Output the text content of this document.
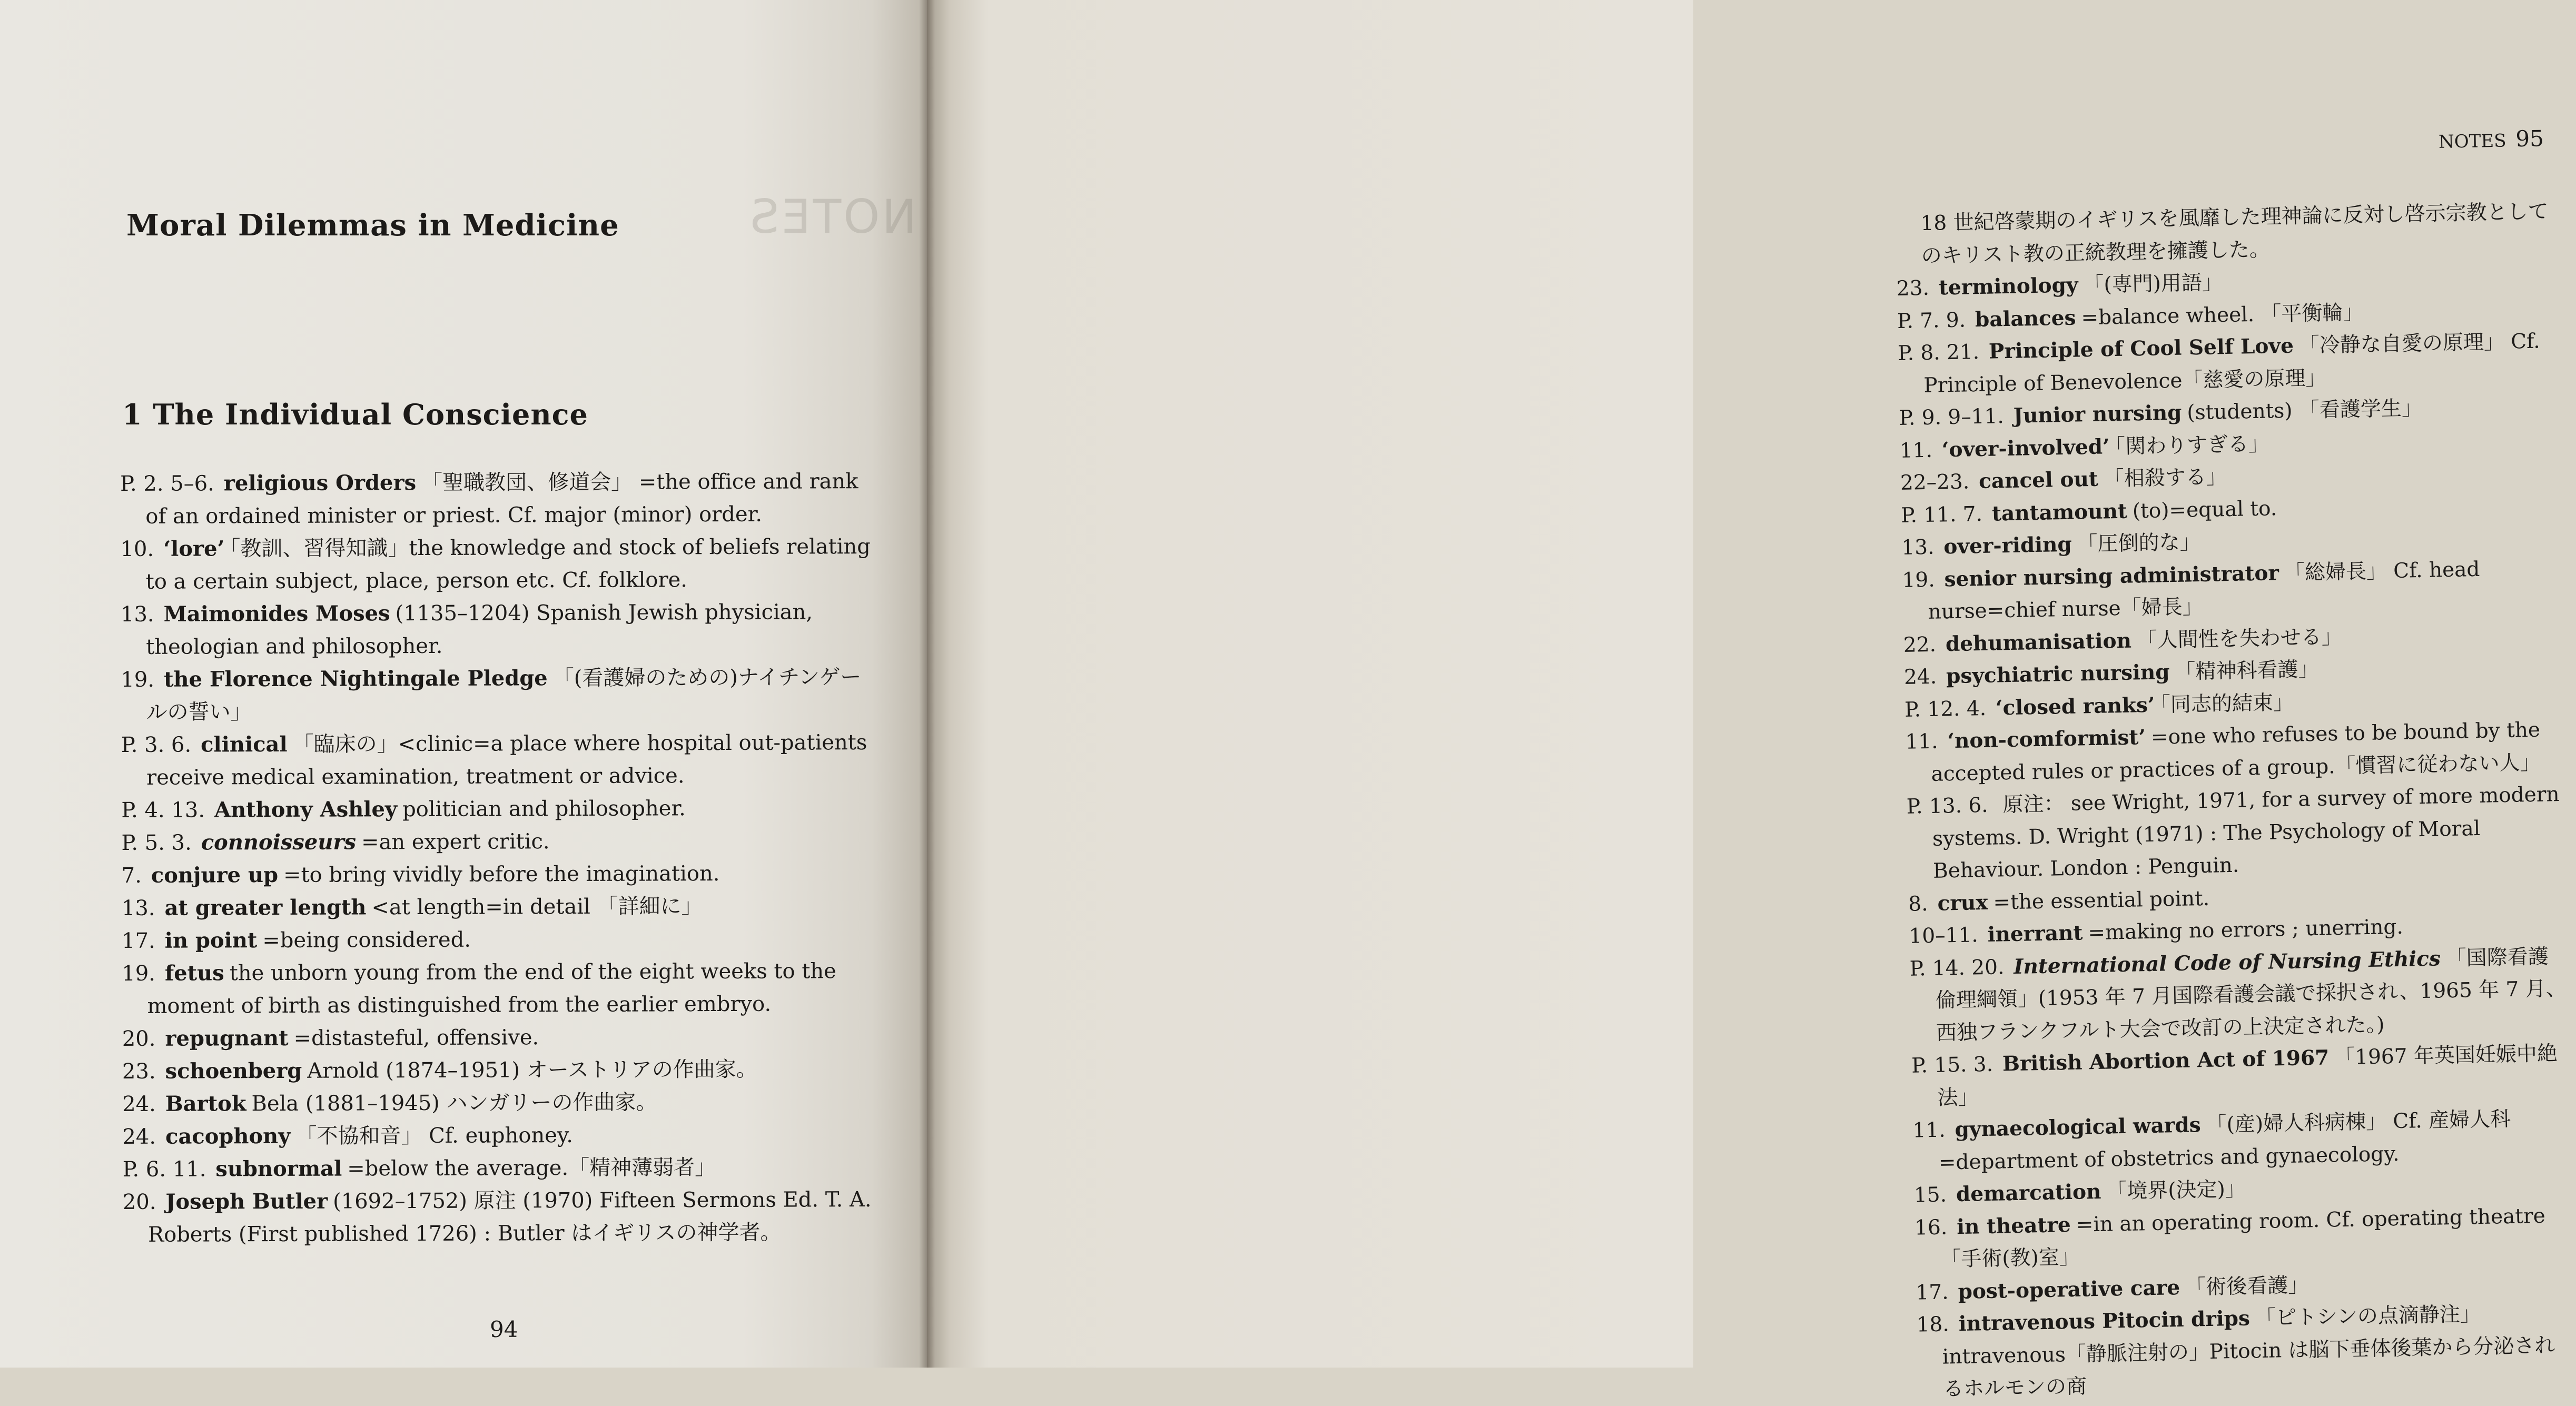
NOTES
Moral Dilemmas in Medicine
1 The Individual Conscience
P. 2. 5–6. religious Orders 「聖職教団、修道会」 =the office and rank of an ordained minister or priest. Cf. major (minor) order.
10. ‘lore’ 「教訓、習得知識」the knowledge and stock of beliefs relating to a certain subject, place, person etc. Cf. folklore.
13. Maimonides Moses (1135–1204) Spanish Jewish physician, theologian and philosopher.
19. the Florence Nightingale Pledge 「(看護婦のための)ナイチンゲールの誓い」
P. 3. 6. clinical 「臨床の」<clinic=a place where hospital out-patients receive medical examination, treatment or advice.
P. 4. 13. Anthony Ashley politician and philosopher.
P. 5. 3. connoisseurs =an expert critic.
7. conjure up =to bring vividly before the imagination.
13. at greater length <at length=in detail 「詳細に」
17. in point =being considered.
19. fetus the unborn young from the end of the eight weeks to the moment of birth as distinguished from the earlier embryo.
20. repugnant =distasteful, offensive.
23. schoenberg Arnold (1874–1951) オーストリアの作曲家。
24. Bartok Bela (1881–1945) ハンガリーの作曲家。
24. cacophony 「不協和音」 Cf. euphoney.
P. 6. 11. subnormal =below the average.「精神薄弱者」
20. Joseph Butler (1692–1752) 原注 (1970) Fifteen Sermons Ed. T. A. Roberts (First published 1726) : Butler はイギリスの神学者。
94
NOTES 95
18 世紀啓蒙期のイギリスを風靡した理神論に反対し啓示宗教としてのキリスト教の正統教理を擁護した。
23. terminology 「(専門)用語」
P. 7. 9. balances =balance wheel. 「平衡輪」
P. 8. 21. Principle of Cool Self Love 「冷静な自愛の原理」 Cf. Principle of Benevolence「慈愛の原理」
P. 9. 9–11. Junior nursing (students) 「看護学生」
11. ‘over-involved’ 「関わりすぎる」
22–23. cancel out 「相殺する」
P. 11. 7. tantamount (to)=equal to.
13. over-riding 「圧倒的な」
19. senior nursing administrator 「総婦長」 Cf. head nurse=chief nurse「婦長」
22. dehumanisation 「人間性を失わせる」
24. psychiatric nursing 「精神科看護」
P. 12. 4. ‘closed ranks’ 「同志的結束」
11. ‘non-comformist’ =one who refuses to be bound by the accepted rules or practices of a group.「慣習に従わない人」
P. 13. 6. 原注： see Wright, 1971, for a survey of more modern systems. D. Wright (1971) : The Psychology of Moral Behaviour. London : Penguin.
8. crux =the essential point.
10–11. inerrant =making no errors ; unerring.
P. 14. 20. International Code of Nursing Ethics 「国際看護倫理綱領」(1953 年 7 月国際看護会議で採択され、1965 年 7 月、西独フランクフルト大会で改訂の上決定された。)
P. 15. 3. British Abortion Act of 1967 「1967 年英国妊娠中絶法」
11. gynaecological wards 「(産)婦人科病棟」 Cf. 産婦人科=department of obstetrics and gynaecology.
15. demarcation 「境界(決定)」
16. in theatre =in an operating room. Cf. operating theatre「手術(教)室」
17. post-operative care 「術後看護」
18. intravenous Pitocin drips 「ピトシンの点滴静注」intravenous「静脈注射の」Pitocin は脳下垂体後葉から分泌されるホルモンの商
